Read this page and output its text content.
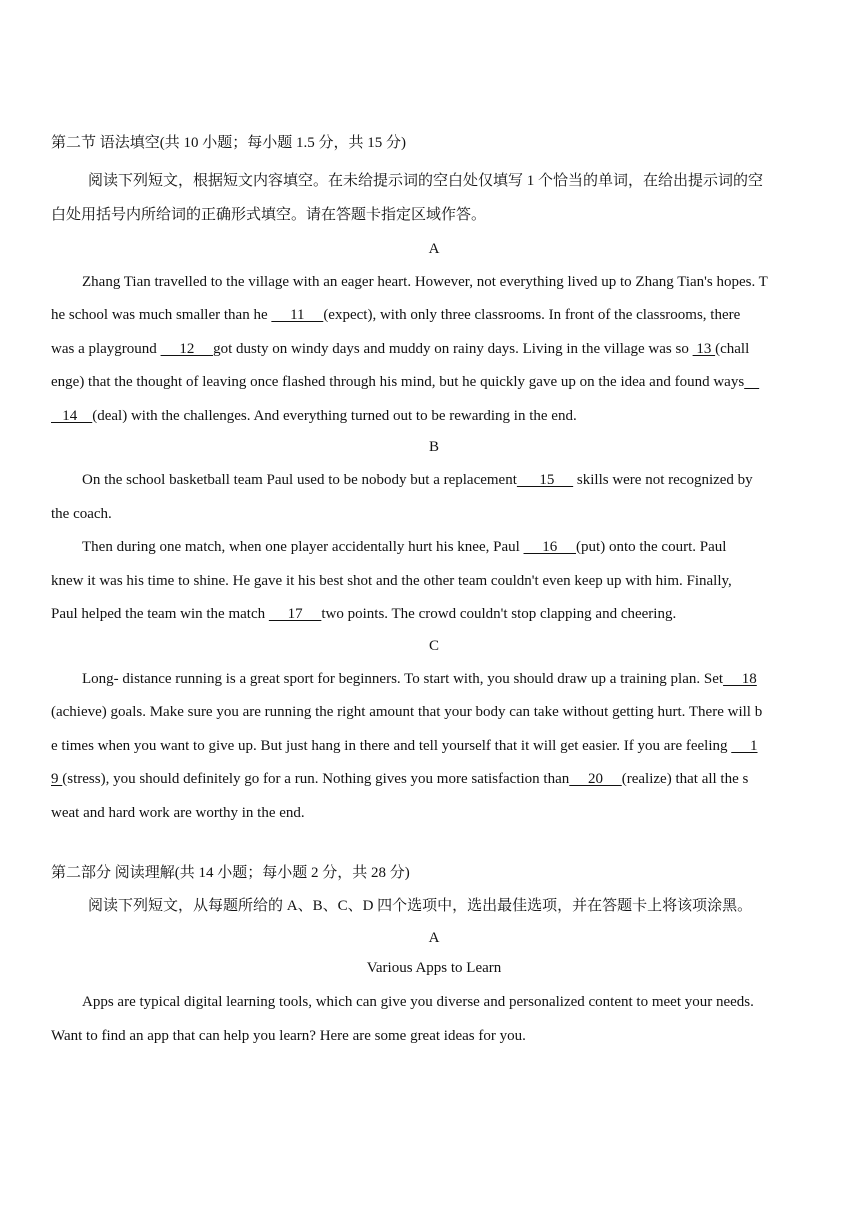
第二节 语法填空(共 10 小题；每小题 1.5 分，共 15 分)
阅读下列短文，根据短文内容填空。在未给提示词的空白处仅填写 1 个恰当的单词，在给出提示词的空
白处用括号内所给词的正确形式填空。请在答题卡指定区域作答。
A
Zhang Tian travelled to the village with an eager heart. However, not everything lived up to Zhang Tian's hopes. T
he school was much smaller than he      11     (expect), with only three classrooms. In front of the classrooms, there
was a playground      12     got dusty on windy days and muddy on rainy days. Living in the village was so  13 (chall
enge) that the thought of leaving once flashed through his mind, but he quickly gave up on the idea and found ways
14    (deal) with the challenges. And everything turned out to be rewarding in the end.
B
On the school basketball team Paul used to be nobody but a replacement      15      skills were not recognized by
the coach.
Then during one match, when one player accidentally hurt his knee, Paul      16     (put) onto the court. Paul
knew it was his time to shine. He gave it his best shot and the other team couldn't even keep up with him. Finally,
Paul helped the team win the match      17     two points. The crowd couldn't stop clapping and cheering.
C
Long- distance running is a great sport for beginners. To start with, you should draw up a training plan. Set     18
(achieve) goals. Make sure you are running the right amount that your body can take without getting hurt. There will b
e times when you want to give up. But just hang in there and tell yourself that it will get easier. If you are feeling      1
9 (stress), you should definitely go for a run. Nothing gives you more satisfaction than     20     (realize) that all the s
weat and hard work are worthy in the end.
第二部分 阅读理解(共 14 小题；每小题 2 分，共 28 分)
阅读下列短文，从每题所给的 A、B、C、D 四个选项中，选出最佳选项，并在答题卡上将该项涂黑。
A
Various Apps to Learn
Apps are typical digital learning tools, which can give you diverse and personalized content to meet your needs.
Want to find an app that can help you learn? Here are some great ideas for you.
